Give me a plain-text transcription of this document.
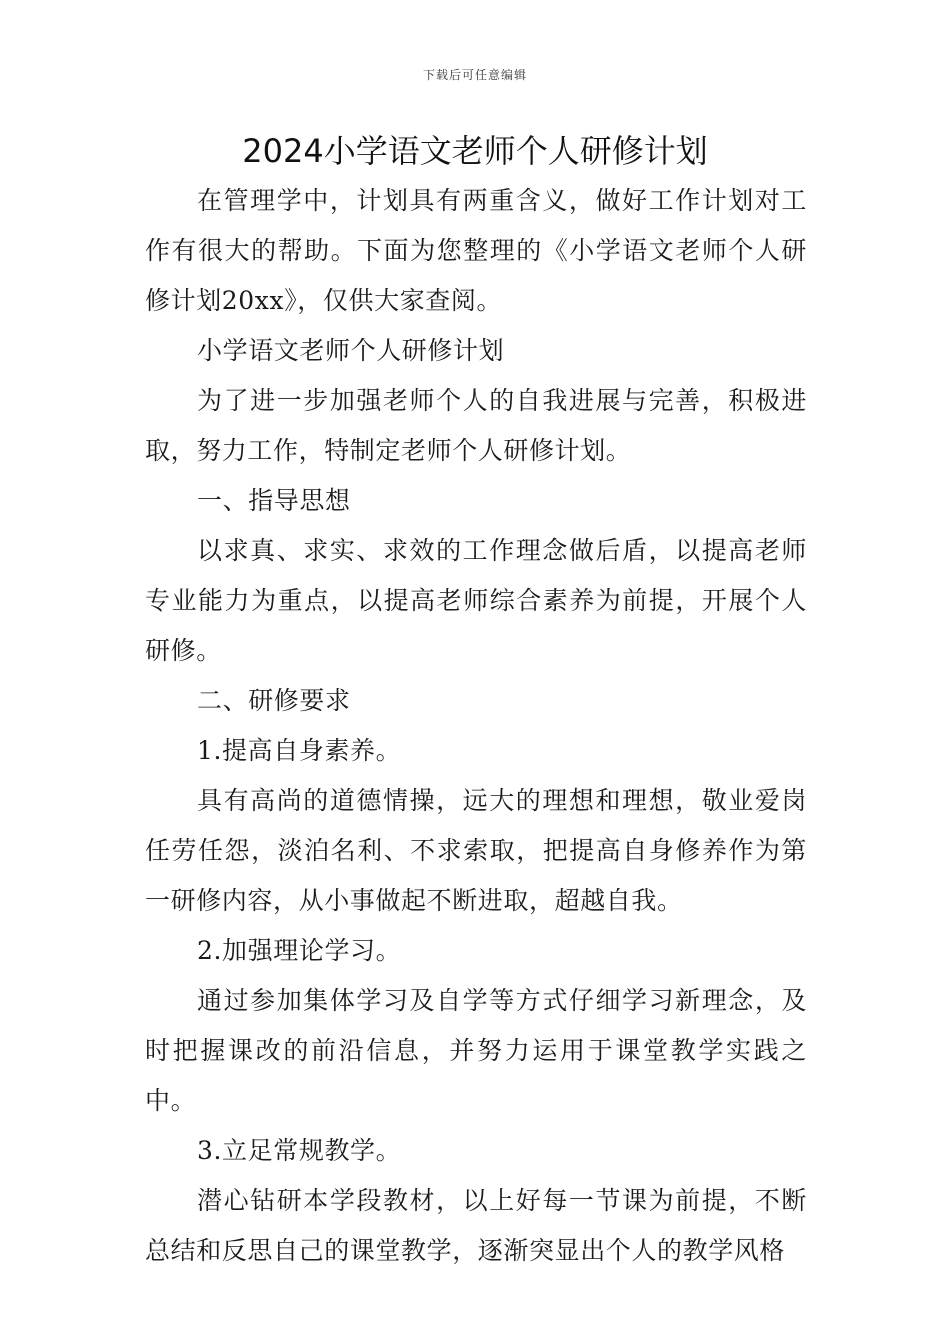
下载后可任意编辑
2024小学语文老师个人研修计划

在管理学中，计划具有两重含义，做好工作计划对工作有很大的帮助。下面为您整理的《小学语文老师个人研修计划20xx》，仅供大家查阅。

小学语文老师个人研修计划

为了进一步加强老师个人的自我进展与完善，积极进取，努力工作，特制定老师个人研修计划。

一、指导思想

以求真、求实、求效的工作理念做后盾，以提高老师专业能力为重点，以提高老师综合素养为前提，开展个人研修。

二、研修要求

1.提高自身素养。

具有高尚的道德情操，远大的理想和理想，敬业爱岗任劳任怨，淡泊名利、不求索取，把提高自身修养作为第一研修内容，从小事做起不断进取，超越自我。

2.加强理论学习。

通过参加集体学习及自学等方式仔细学习新理念，及时把握课改的前沿信息，并努力运用于课堂教学实践之中。

3.立足常规教学。

潜心钻研本学段教材，以上好每一节课为前提，不断总结和反思自己的课堂教学，逐渐突显出个人的教学风格
